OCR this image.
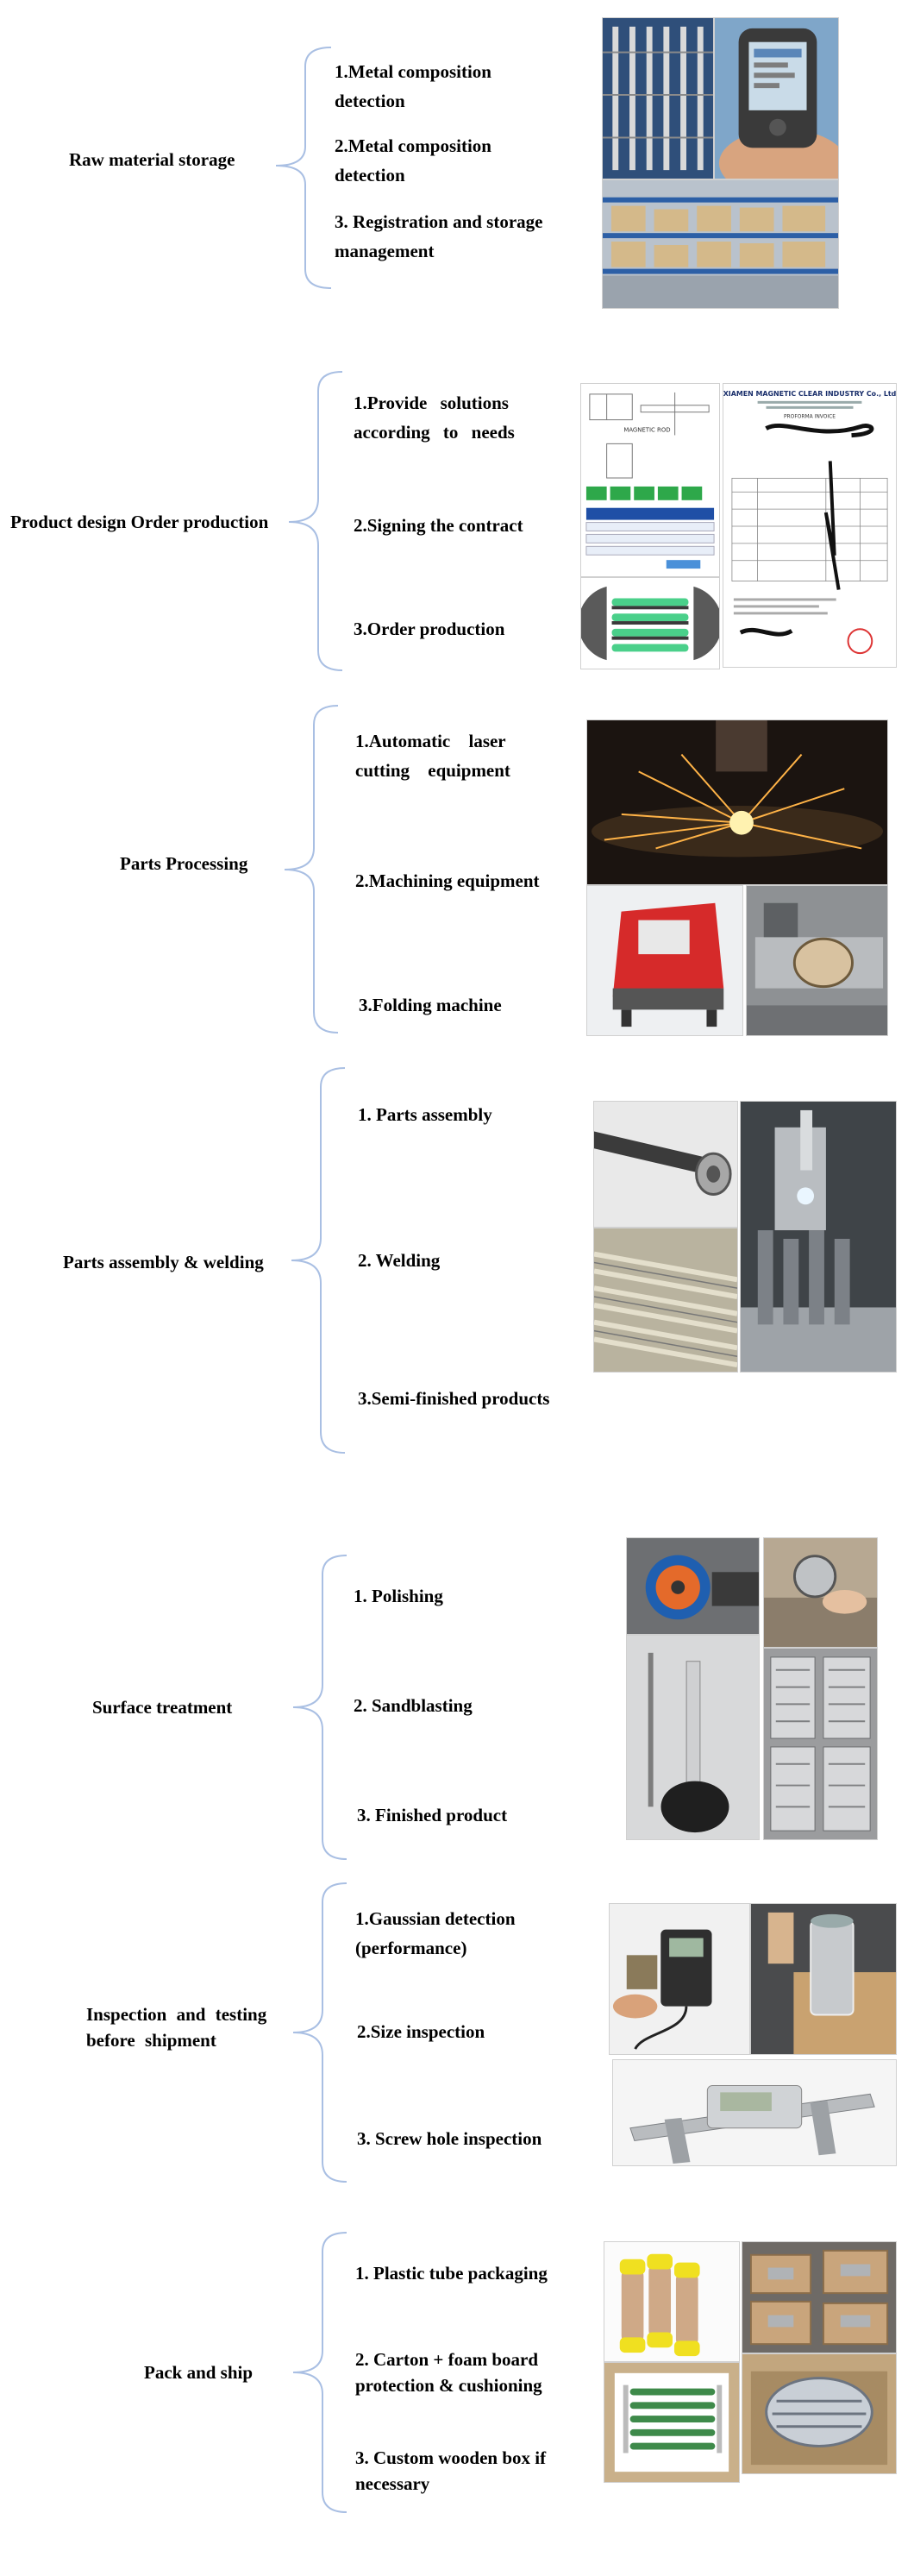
Raw material storage
1.Metal composition detection
2.Metal composition detection
3. Registration and storage management
Product design Order production
1.Provide solutions according to needs
2.Signing the contract
3.Order production
MAGNETIC ROD
XIAMEN MAGNETIC CLEAR INDUSTRY Co., Ltd
PROFORMA INVOICE
Parts Processing
1.Automatic laser cutting equipment
2.Machining equipment
3.Folding machine
Parts assembly & welding
1. Parts assembly
2. Welding
3.Semi-finished products
Surface treatment
1. Polishing
2. Sandblasting
3. Finished product
Inspection and testing before shipment
1.Gaussian detection (performance)
2.Size inspection
3. Screw hole inspection
Pack and ship
1. Plastic tube packaging
2. Carton + foam board protection & cushioning
3. Custom wooden box if necessary
